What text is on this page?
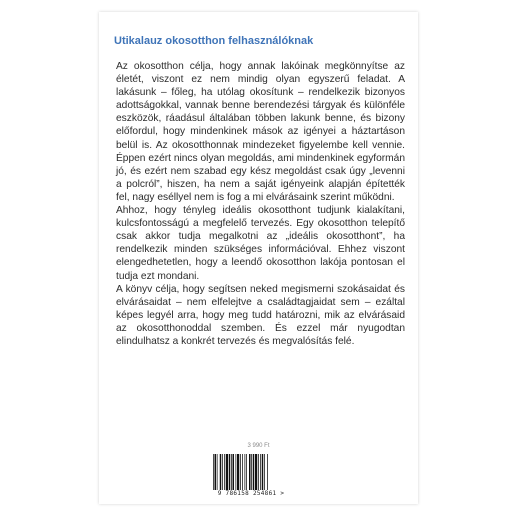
Utikalauz okosotthon felhasználóknak

Az okosotthon célja, hogy annak lakóinak megkönnyítse az életét, viszont ez nem mindig olyan egyszerű feladat. A lakásunk – főleg, ha utólag okosítunk – rendelkezik bizonyos adottságokkal, vannak benne berendezési tárgyak és különféle eszközök, ráadásul általában többen lakunk benne, és bizony előfordul, hogy mindenkinek mások az igényei a háztartáson belül is. Az okosotthonnak mindezeket figyelembe kell vennie. Éppen ezért nincs olyan megoldás, ami mindenkinek egyformán jó, és ezért nem szabad egy kész megoldást csak úgy „levenni a polcról”, hiszen, ha nem a saját igényeink alapján építették fel, nagy eséllyel nem is fog a mi elvárásaink szerint működni.

Ahhoz, hogy tényleg ideális okosotthont tudjunk kialakítani, kulcsfontosságú a megfelelő tervezés. Egy okosotthon telepítő csak akkor tudja megalkotni az „ideális okosotthont”, ha rendelkezik minden szükséges információval. Ehhez viszont elengedhetetlen, hogy a leendő okosotthon lakója pontosan el tudja ezt mondani.

A könyv célja, hogy segítsen neked megismerni szokásaidat és elvárásaidat – nem elfelejtve a családtagjaidat sem – ezáltal képes legyél arra, hogy meg tudd határozni, mik az elvárásaid az okosotthonoddal szemben. És ezzel már nyugodtan elindulhatsz a konkrét tervezés és megvalósítás felé.

3 990 Ft
9 786158 254861 >
